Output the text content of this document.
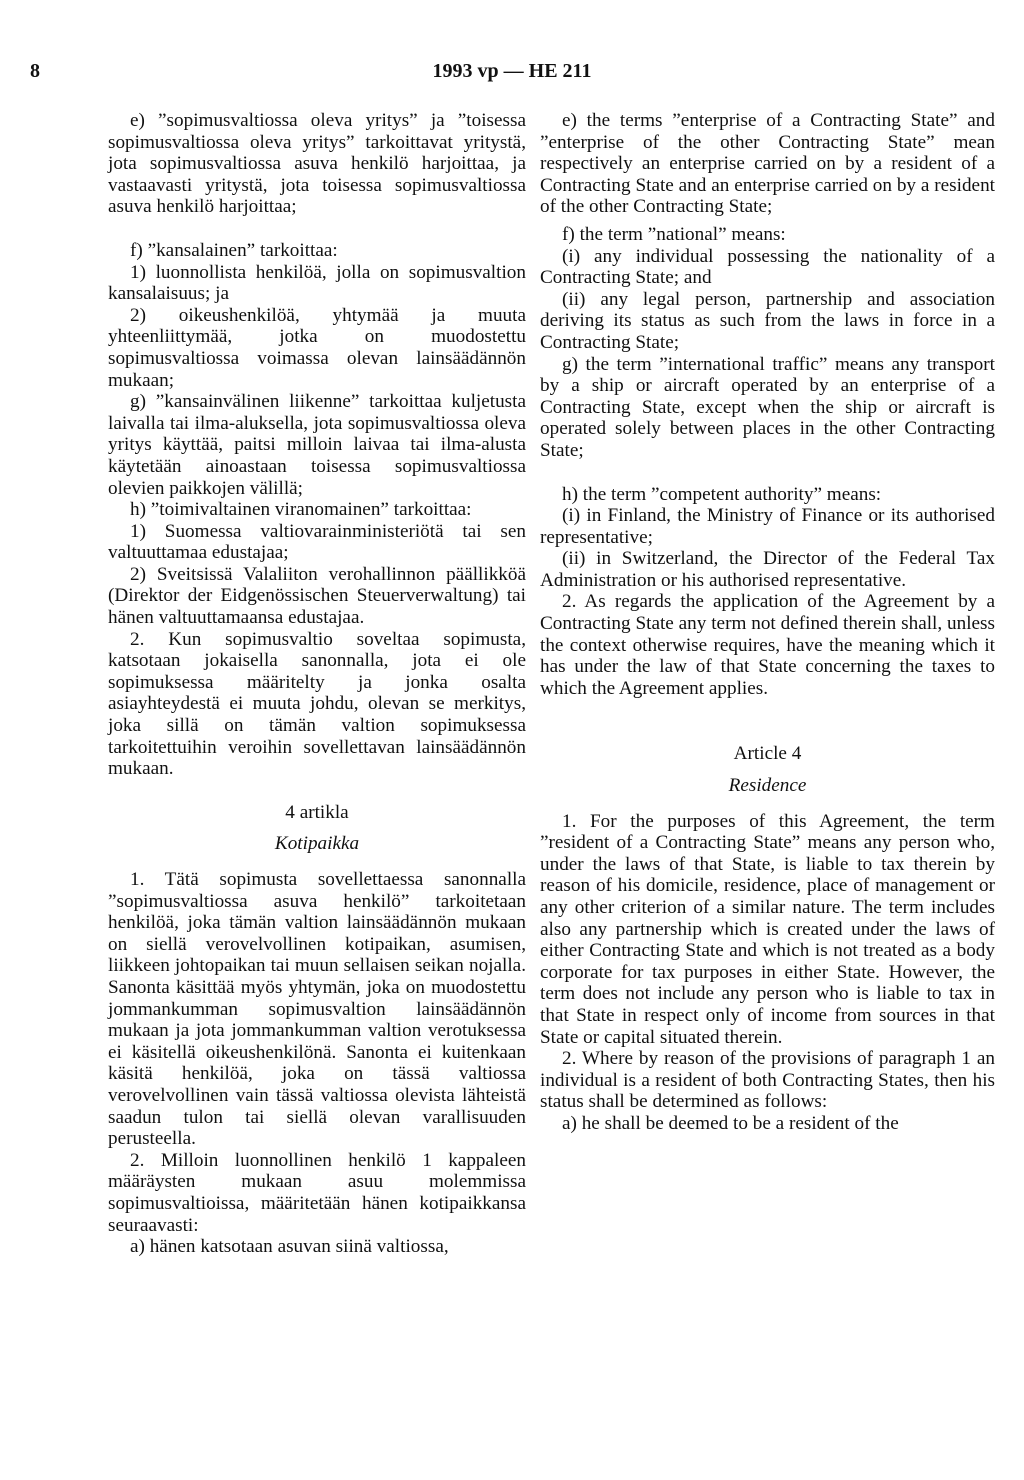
8	1993 vp — HE 211

e) ”sopimusvaltiossa oleva yritys” ja ”toisessa sopimusvaltiossa oleva yritys” tarkoittavat yritystä, jota sopimusvaltiossa asuva henkilö harjoittaa, ja vastaavasti yritystä, jota toisessa sopimusvaltiossa asuva henkilö harjoittaa;

f) ”kansalainen” tarkoittaa:

1) luonnollista henkilöä, jolla on sopimusvaltion kansalaisuus; ja

2) oikeushenkilöä, yhtymää ja muuta yhteenliittymää, jotka on muodostettu sopimusvaltiossa voimassa olevan lainsäädännön mukaan;

g) ”kansainvälinen liikenne” tarkoittaa kuljetusta laivalla tai ilma-aluksella, jota sopimusvaltiossa oleva yritys käyttää, paitsi milloin laivaa tai ilma-alusta käytetään ainoastaan toisessa sopimusvaltiossa olevien paikkojen välillä;

h) ”toimivaltainen viranomainen” tarkoittaa:

1) Suomessa valtiovarainministeriötä tai sen valtuuttamaa edustajaa;

2) Sveitsissä Valaliiton verohallinnon päällikköä (Direktor der Eidgenössischen Steuerverwaltung) tai hänen valtuuttamaansa edustajaa.

2. Kun sopimusvaltio soveltaa sopimusta, katsotaan jokaisella sanonnalla, jota ei ole sopimuksessa määritelty ja jonka osalta asiayhteydestä ei muuta johdu, olevan se merkitys, joka sillä on tämän valtion sopimuksessa tarkoitettuihin veroihin sovellettavan lainsäädännön mukaan.

4 artikla
Kotipaikka

1. Tätä sopimusta sovellettaessa sanonnalla ”sopimusvaltiossa asuva henkilö” tarkoitetaan henkilöä, joka tämän valtion lainsäädännön mukaan on siellä verovelvollinen kotipaikan, asumisen, liikkeen johtopaikan tai muun sellaisen seikan nojalla. Sanonta käsittää myös yhtymän, joka on muodostettu jommankumman sopimusvaltion lainsäädännön mukaan ja jota jommankumman valtion verotuksessa ei käsitellä oikeushenkilönä. Sanonta ei kuitenkaan käsitä henkilöä, joka on tässä valtiossa verovelvollinen vain tässä valtiossa olevista lähteistä saadun tulon tai siellä olevan varallisuuden perusteella.

2. Milloin luonnollinen henkilö 1 kappaleen määräysten mukaan asuu molemmissa sopimusvaltioissa, määritetään hänen kotipaikkansa seuraavasti:

a) hänen katsotaan asuvan siinä valtiossa,

e) the terms ”enterprise of a Contracting State” and ”enterprise of the other Contracting State” mean respectively an enterprise carried on by a resident of a Contracting State and an enterprise carried on by a resident of the other Contracting State;

f) the term ”national” means:

(i) any individual possessing the nationality of a Contracting State; and

(ii) any legal person, partnership and association deriving its status as such from the laws in force in a Contracting State;

g) the term ”international traffic” means any transport by a ship or aircraft operated by an enterprise of a Contracting State, except when the ship or aircraft is operated solely between places in the other Contracting State;

h) the term ”competent authority” means:

(i) in Finland, the Ministry of Finance or its authorised representative;

(ii) in Switzerland, the Director of the Federal Tax Administration or his authorised representative.

2. As regards the application of the Agreement by a Contracting State any term not defined therein shall, unless the context otherwise requires, have the meaning which it has under the law of that State concerning the taxes to which the Agreement applies.

Article 4
Residence

1. For the purposes of this Agreement, the term ”resident of a Contracting State” means any person who, under the laws of that State, is liable to tax therein by reason of his domicile, residence, place of management or any other criterion of a similar nature. The term includes also any partnership which is created under the laws of either Contracting State and which is not treated as a body corporate for tax purposes in either State. However, the term does not include any person who is liable to tax in that State in respect only of income from sources in that State or capital situated therein.

2. Where by reason of the provisions of paragraph 1 an individual is a resident of both Contracting States, then his status shall be determined as follows:

a) he shall be deemed to be a resident of the
